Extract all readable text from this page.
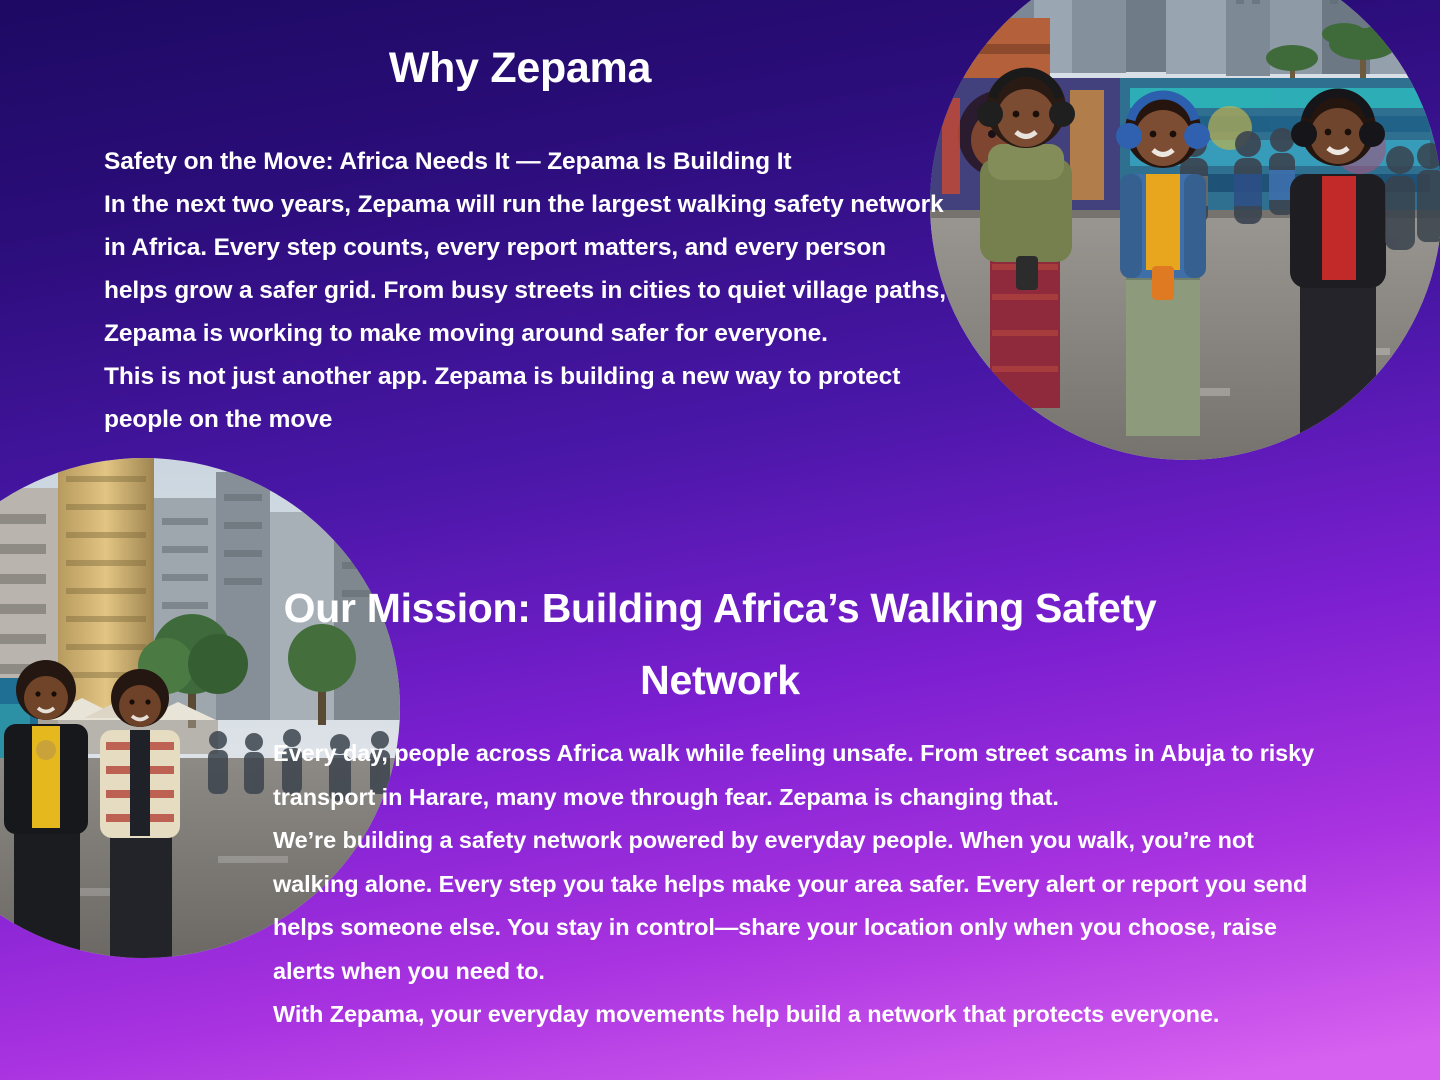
Why Zepama

Safety on the Move: Africa Needs It — Zepama Is Building It

In the next two years, Zepama will run the largest walking safety network in Africa. Every step counts, every report matters, and every person helps grow a safer grid. From busy streets in cities to quiet village paths, Zepama is working to make moving around safer for everyone.

This is not just another app. Zepama is building a new way to protect people on the move

Our Mission: Building Africa’s Walking Safety Network

Every day, people across Africa walk while feeling unsafe. From street scams in Abuja to risky transport in Harare, many move through fear. Zepama is changing that.

We’re building a safety network powered by everyday people. When you walk, you’re not walking alone. Every step you take helps make your area safer. Every alert or report you send helps someone else. You stay in control—share your location only when you choose, raise alerts when you need to.

With Zepama, your everyday movements help build a network that protects everyone.
